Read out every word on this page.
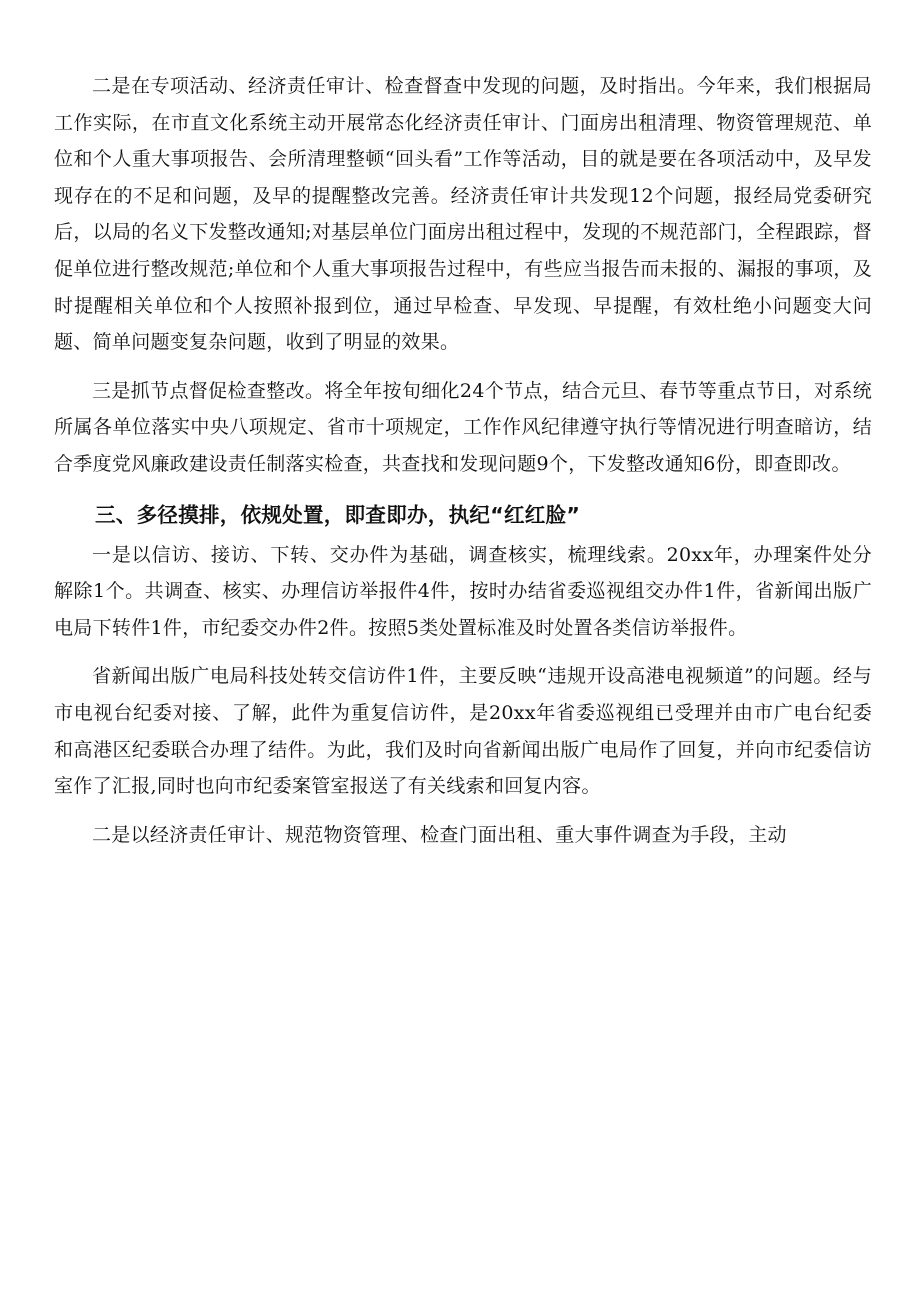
二是在专项活动、经济责任审计、检查督查中发现的问题，及时指出。今年来，我们根据局工作实际，在市直文化系统主动开展常态化经济责任审计、门面房出租清理、物资管理规范、单位和个人重大事项报告、会所清理整顿“回头看”工作等活动，目的就是要在各项活动中，及早发现存在的不足和问题，及早的提醒整改完善。经济责任审计共发现12个问题，报经局党委研究后，以局的名义下发整改通知;对基层单位门面房出租过程中，发现的不规范部门，全程跟踪，督促单位进行整改规范;单位和个人重大事项报告过程中，有些应当报告而未报的、漏报的事项，及时提醒相关单位和个人按照补报到位，通过早检查、早发现、早提醒，有效杜绝小问题变大问题、简单问题变复杂问题，收到了明显的效果。

三是抓节点督促检查整改。将全年按旬细化24个节点，结合元旦、春节等重点节日，对系统所属各单位落实中央八项规定、省市十项规定，工作作风纪律遵守执行等情况进行明查暗访，结合季度党风廉政建设责任制落实检查，共查找和发现问题9个，下发整改通知6份，即查即改。

三、多径摸排，依规处置，即查即办，执纪“红红脸”

一是以信访、接访、下转、交办件为基础，调查核实，梳理线索。20xx年，办理案件处分解除1个。共调查、核实、办理信访举报件4件，按时办结省委巡视组交办件1件，省新闻出版广电局下转件1件，市纪委交办件2件。按照5类处置标准及时处置各类信访举报件。

省新闻出版广电局科技处转交信访件1件，主要反映“违规开设高港电视频道”的问题。经与市电视台纪委对接、了解，此件为重复信访件，是20xx年省委巡视组已受理并由市广电台纪委和高港区纪委联合办理了结件。为此，我们及时向省新闻出版广电局作了回复，并向市纪委信访室作了汇报,同时也向市纪委案管室报送了有关线索和回复内容。

二是以经济责任审计、规范物资管理、检查门面出租、重大事件调查为手段，主动
